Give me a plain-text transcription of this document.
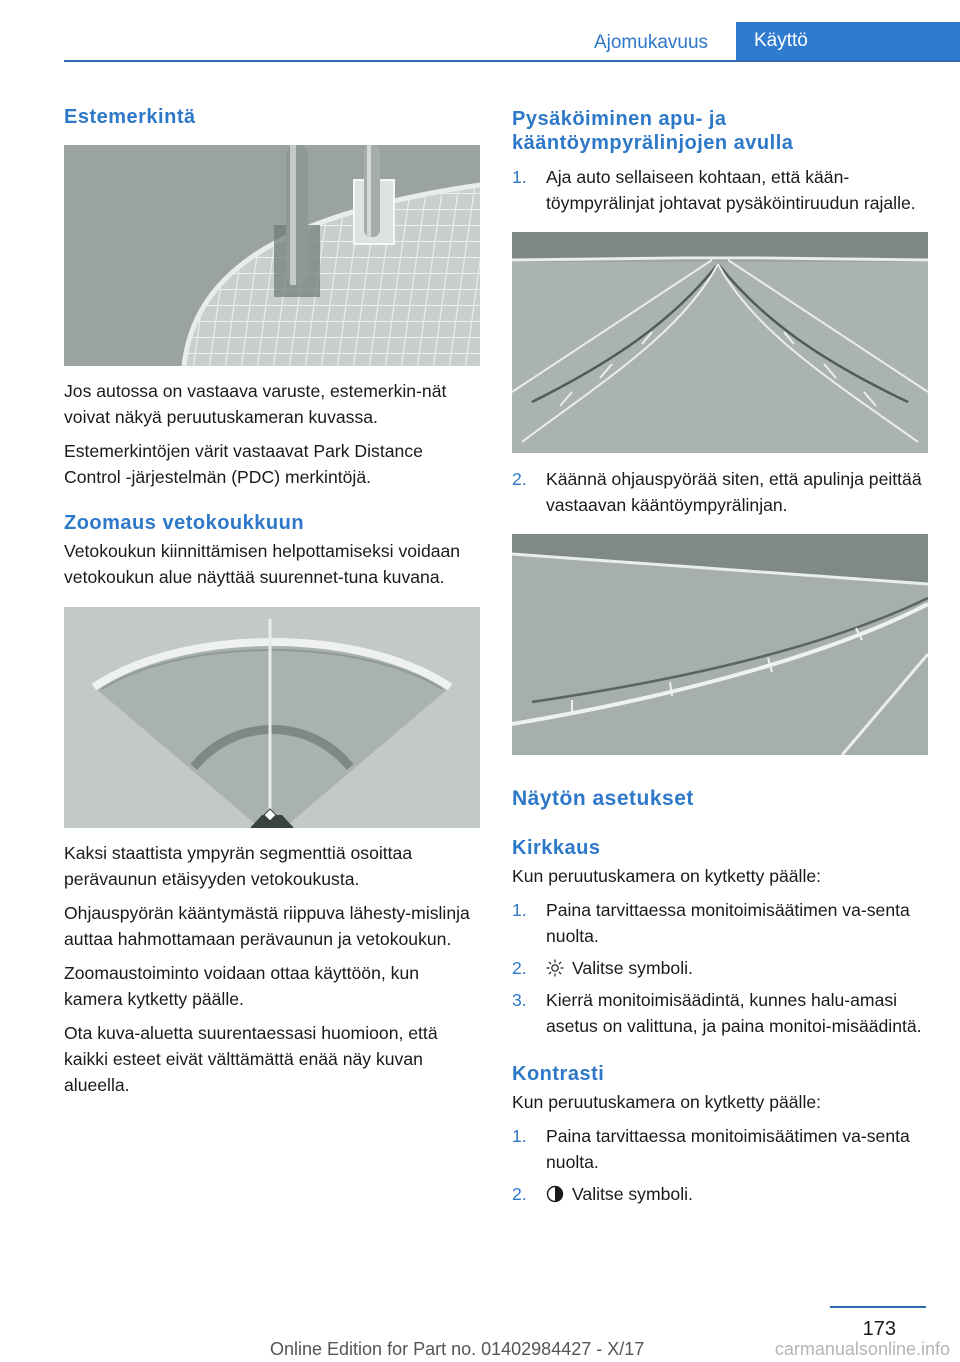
Ajomukavuus	Käyttö
Estemerkintä

Jos autossa on vastaava varuste, estemerkin-nät voivat näkyä peruutuskameran kuvassa.

Estemerkintöjen värit vastaavat Park Distance Control -järjestelmän (PDC) merkintöjä.

Zoomaus vetokoukkuun

Vetokoukun kiinnittämisen helpottamiseksi voidaan vetokoukun alue näyttää suurennet-tuna kuvana.

Kaksi staattista ympyrän segmenttiä osoittaa perävaunun etäisyyden vetokoukusta.

Ohjauspyörän kääntymästä riippuva lähesty-mislinja auttaa hahmottamaan perävaunun ja vetokoukun.

Zoomaustoiminto voidaan ottaa käyttöön, kun kamera kytketty päälle.

Ota kuva-aluetta suurentaessasi huomioon, että kaikki esteet eivät välttämättä enää näy kuvan alueella.

Pysäköiminen apu- ja kääntöympyrälinjojen avulla
1. Aja auto sellaiseen kohtaan, että kään-töympyrälinjat johtavat pysäköintiruudun rajalle.
2. Käännä ohjauspyörää siten, että apulinja peittää vastaavan kääntöympyrälinjan.
Näytön asetukset
Kirkkaus

Kun peruutuskamera on kytketty päälle:

1. Paina tarvittaessa monitoimisäätimen va-senta nuolta.
2.	Valitse symboli.
3. Kierrä monitoimisäädintä, kunnes halu-amasi asetus on valittuna, ja paina monitoi-misäädintä.
Kontrasti

Kun peruutuskamera on kytketty päälle:

1. Paina tarvittaessa monitoimisäätimen va-senta nuolta.
2.	Valitse symboli.
173
Online Edition for Part no. 01402984427 - X/17	carmanualsonline.info
